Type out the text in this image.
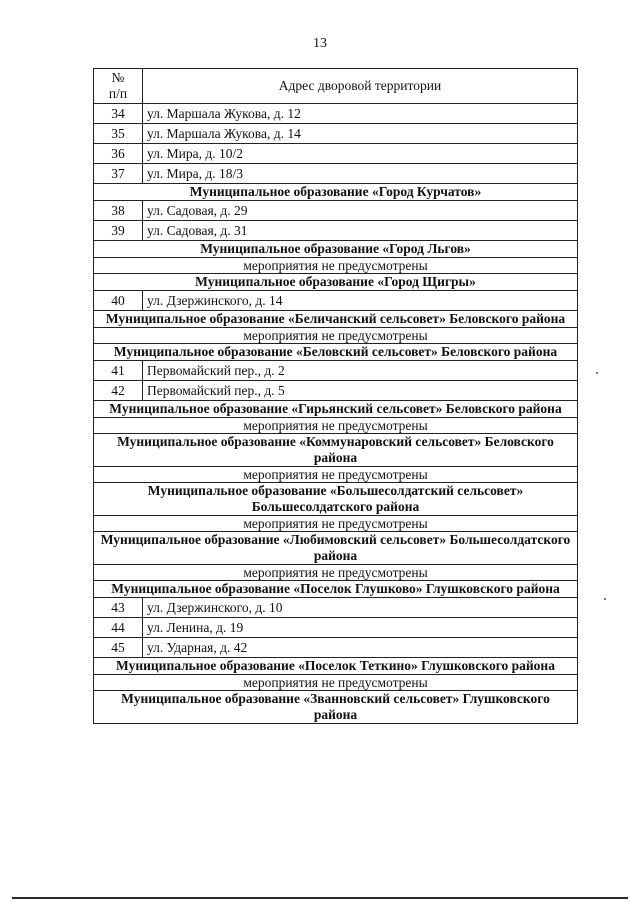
13
№
п/п	Адрес дворовой территории
34	ул. Маршала Жукова, д. 12
35	ул. Маршала Жукова, д. 14
36	ул. Мира, д. 10/2
37	ул. Мира, д. 18/3
Муниципальное образование «Город Курчатов»	
38	ул. Садовая, д. 29
39	ул. Садовая, д. 31
Муниципальное образование «Город Льгов»	
мероприятия не предусмотрены	
Муниципальное образование «Город Щигры»	
40	ул. Дзержинского, д. 14
Муниципальное образование «Беличанский сельсовет» Беловского района	
мероприятия не предусмотрены	
Муниципальное образование «Беловский сельсовет» Беловского района	
41	Первомайский пер., д. 2
42	Первомайский пер., д. 5
Муниципальное образование «Гирьянский сельсовет» Беловского района	
мероприятия не предусмотрены	
Муниципальное образование «Коммунаровский сельсовет» Беловского района	
мероприятия не предусмотрены	
Муниципальное образование «Большесолдатский сельсовет» Большесолдатского района	
мероприятия не предусмотрены	
Муниципальное образование «Любимовский сельсовет» Большесолдатского района	
мероприятия не предусмотрены	
Муниципальное образование «Поселок Глушково» Глушковского района	
43	ул. Дзержинского, д. 10
44	ул. Ленина, д. 19
45	ул. Ударная, д. 42
Муниципальное образование «Поселок Теткино» Глушковского района	
мероприятия не предусмотрены	
Муниципальное образование «Званновский сельсовет» Глушковского района	
